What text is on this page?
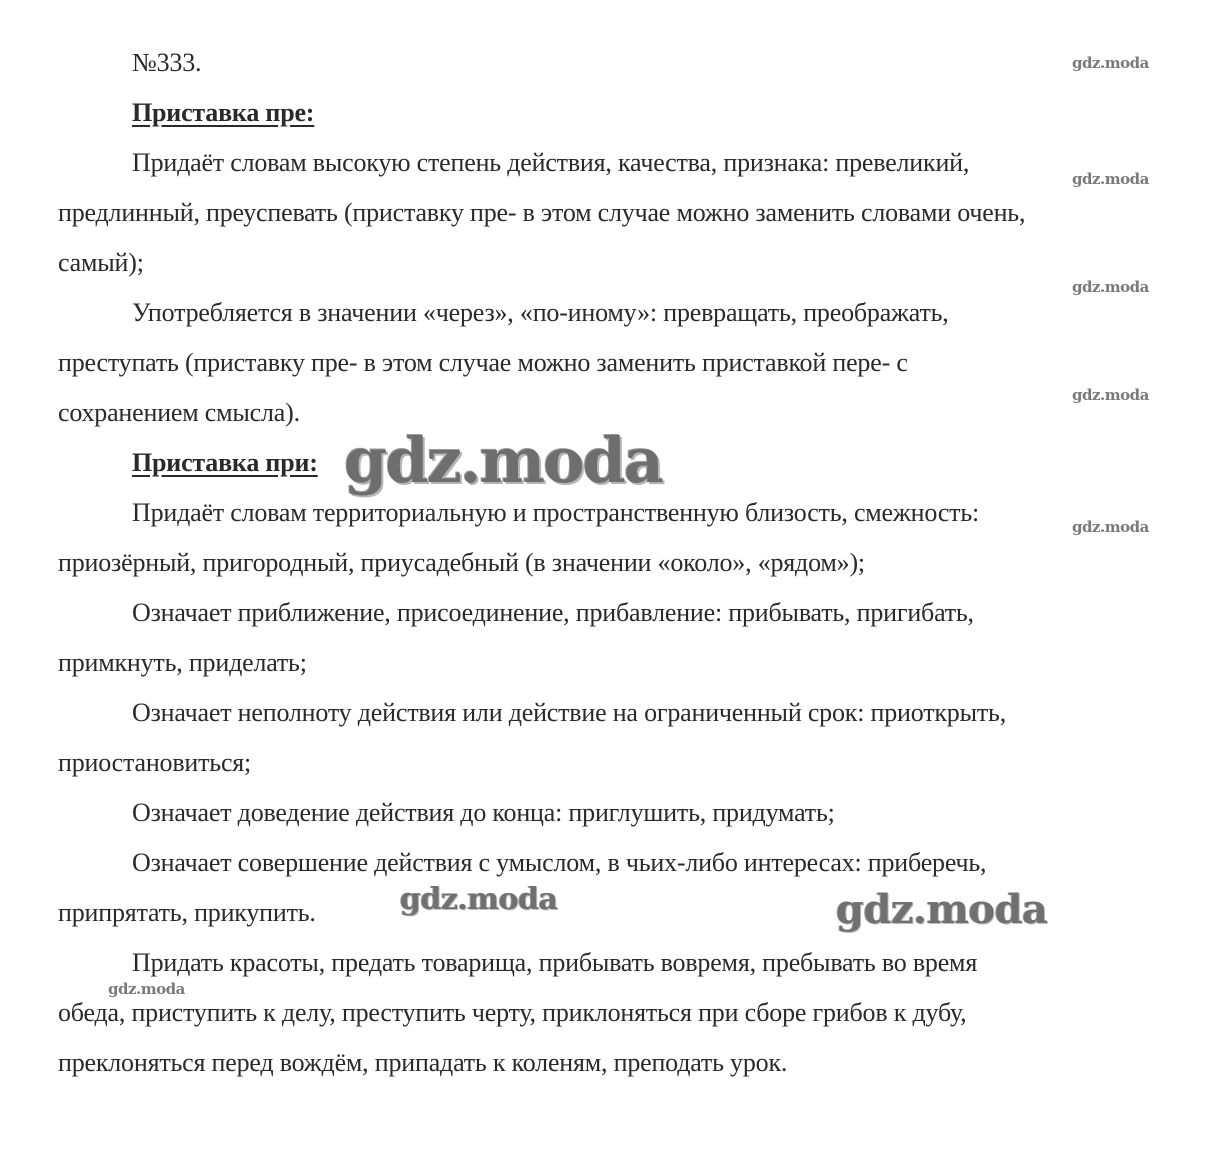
№333.
Приставка пре:
Придаёт словам высокую степень действия, качества, признака: превеликий,
предлинный, преуспевать (приставку пре- в этом случае можно заменить словами очень,
самый);
Употребляется в значении «через», «по-иному»: превращать, преображать,
преступать (приставку пре- в этом случае можно заменить приставкой пере- с
сохранением смысла).
Приставка при:
Придаёт словам территориальную и пространственную близость, смежность:
приозёрный, пригородный, приусадебный (в значении «около», «рядом»);
Означает приближение, присоединение, прибавление: прибывать, пригибать,
примкнуть, приделать;
Означает неполноту действия или действие на ограниченный срок: приоткрыть,
приостановиться;
Означает доведение действия до конца: приглушить, придумать;
Означает совершение действия с умыслом, в чьих-либо интересах: приберечь,
припрятать, прикупить.
Придать красоты, предать товарища, прибывать вовремя, пребывать во время
обеда, приступить к делу, преступить черту, приклоняться при сборе грибов к дубу,
преклоняться перед вождём, припадать к коленям, преподать урок.
gdz.moda
gdz.moda
gdz.moda
gdz.moda
gdz.moda
gdz.moda
gdz.moda
gdz.moda	gdz.moda
